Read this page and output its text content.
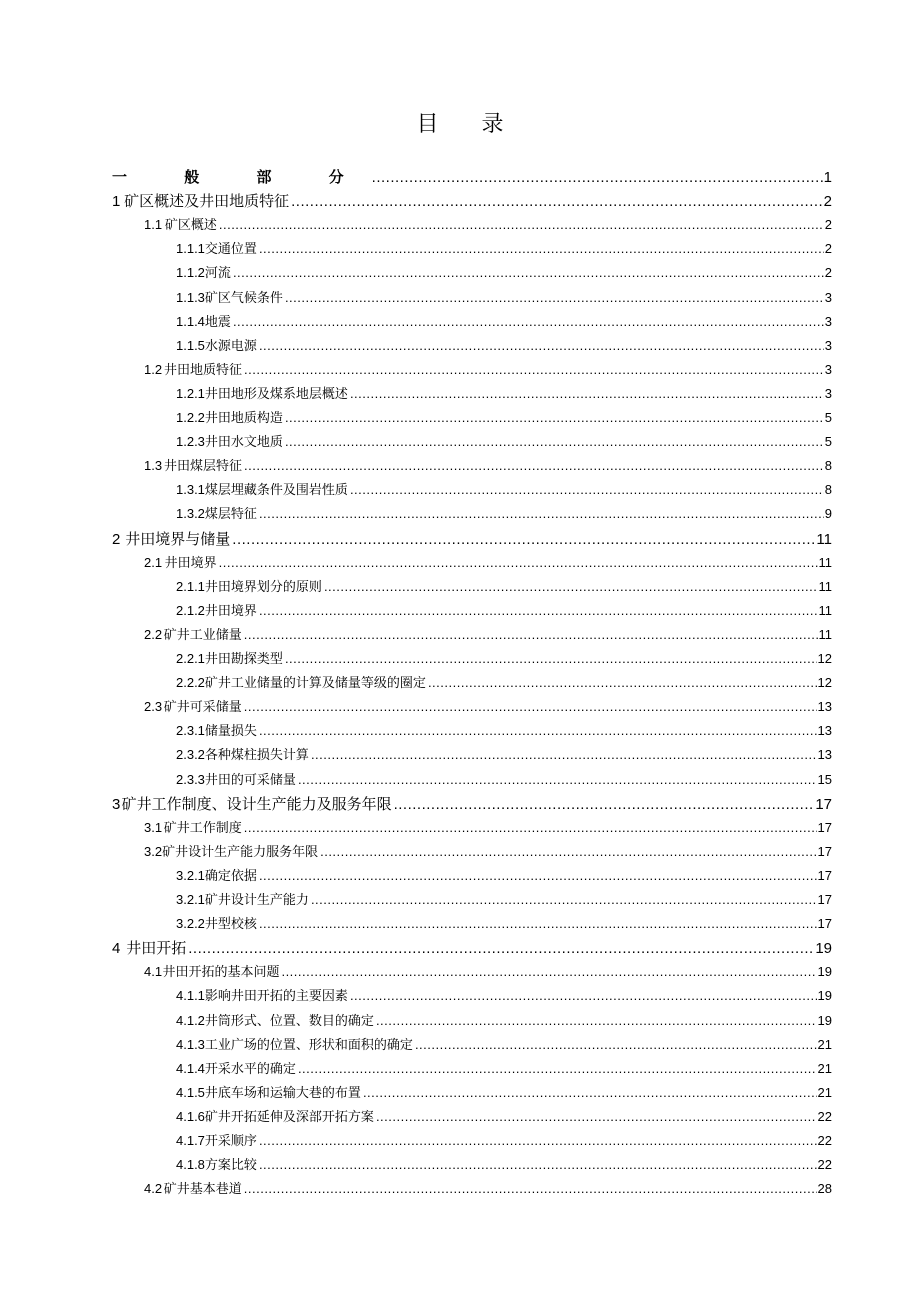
目 录
一 般 部 分 .....	1
1 矿区概述及井田地质特征 .....	2
1.1 矿区概述 .....	2
1.1.1 交通位置 .....	2
1.1.2 河流 .....	2
1.1.3 矿区气候条件 .....	3
1.1.4 地震 .....	3
1.1.5 水源电源 .....	3
1.2 井田地质特征 .....	3
1.2.1 井田地形及煤系地层概述 .....	3
1.2.2 井田地质构造 .....	5
1.2.3 井田水文地质 .....	5
1.3 井田煤层特征 .....	8
1.3.1 煤层埋藏条件及围岩性质 .....	8
1.3.2 煤层特征 .....	9
2 井田境界与储量 .....	11
2.1 井田境界 .....	11
2.1.1 井田境界划分的原则 .....	11
2.1.2 井田境界 .....	11
2.2 矿井工业储量 .....	11
2.2.1 井田勘探类型 .....	12
2.2.2 矿井工业储量的计算及储量等级的圈定 .....	12
2.3 矿井可采储量 .....	13
2.3.1 储量损失 .....	13
2.3.2 各种煤柱损失计算 .....	13
2.3.3 井田的可采储量 .....	15
3 矿井工作制度、设计生产能力及服务年限 .....	17
3.1 矿井工作制度 .....	17
3.2 矿井设计生产能力服务年限 .....	17
3.2.1 确定依据 .....	17
3.2.1 矿井设计生产能力 .....	17
3.2.2 井型校核 .....	17
4 井田开拓 .....	19
4.1 井田开拓的基本问题 .....	19
4.1.1 影响井田开拓的主要因素 .....	19
4.1.2 井筒形式、位置、数目的确定 .....	19
4.1.3 工业广场的位置、形状和面积的确定 .....	21
4.1.4 开采水平的确定 .....	21
4.1.5 井底车场和运输大巷的布置 .....	21
4.1.6 矿井开拓延伸及深部开拓方案 .....	22
4.1.7 开采顺序 .....	22
4.1.8 方案比较 .....	22
4.2 矿井基本巷道 .....	28
